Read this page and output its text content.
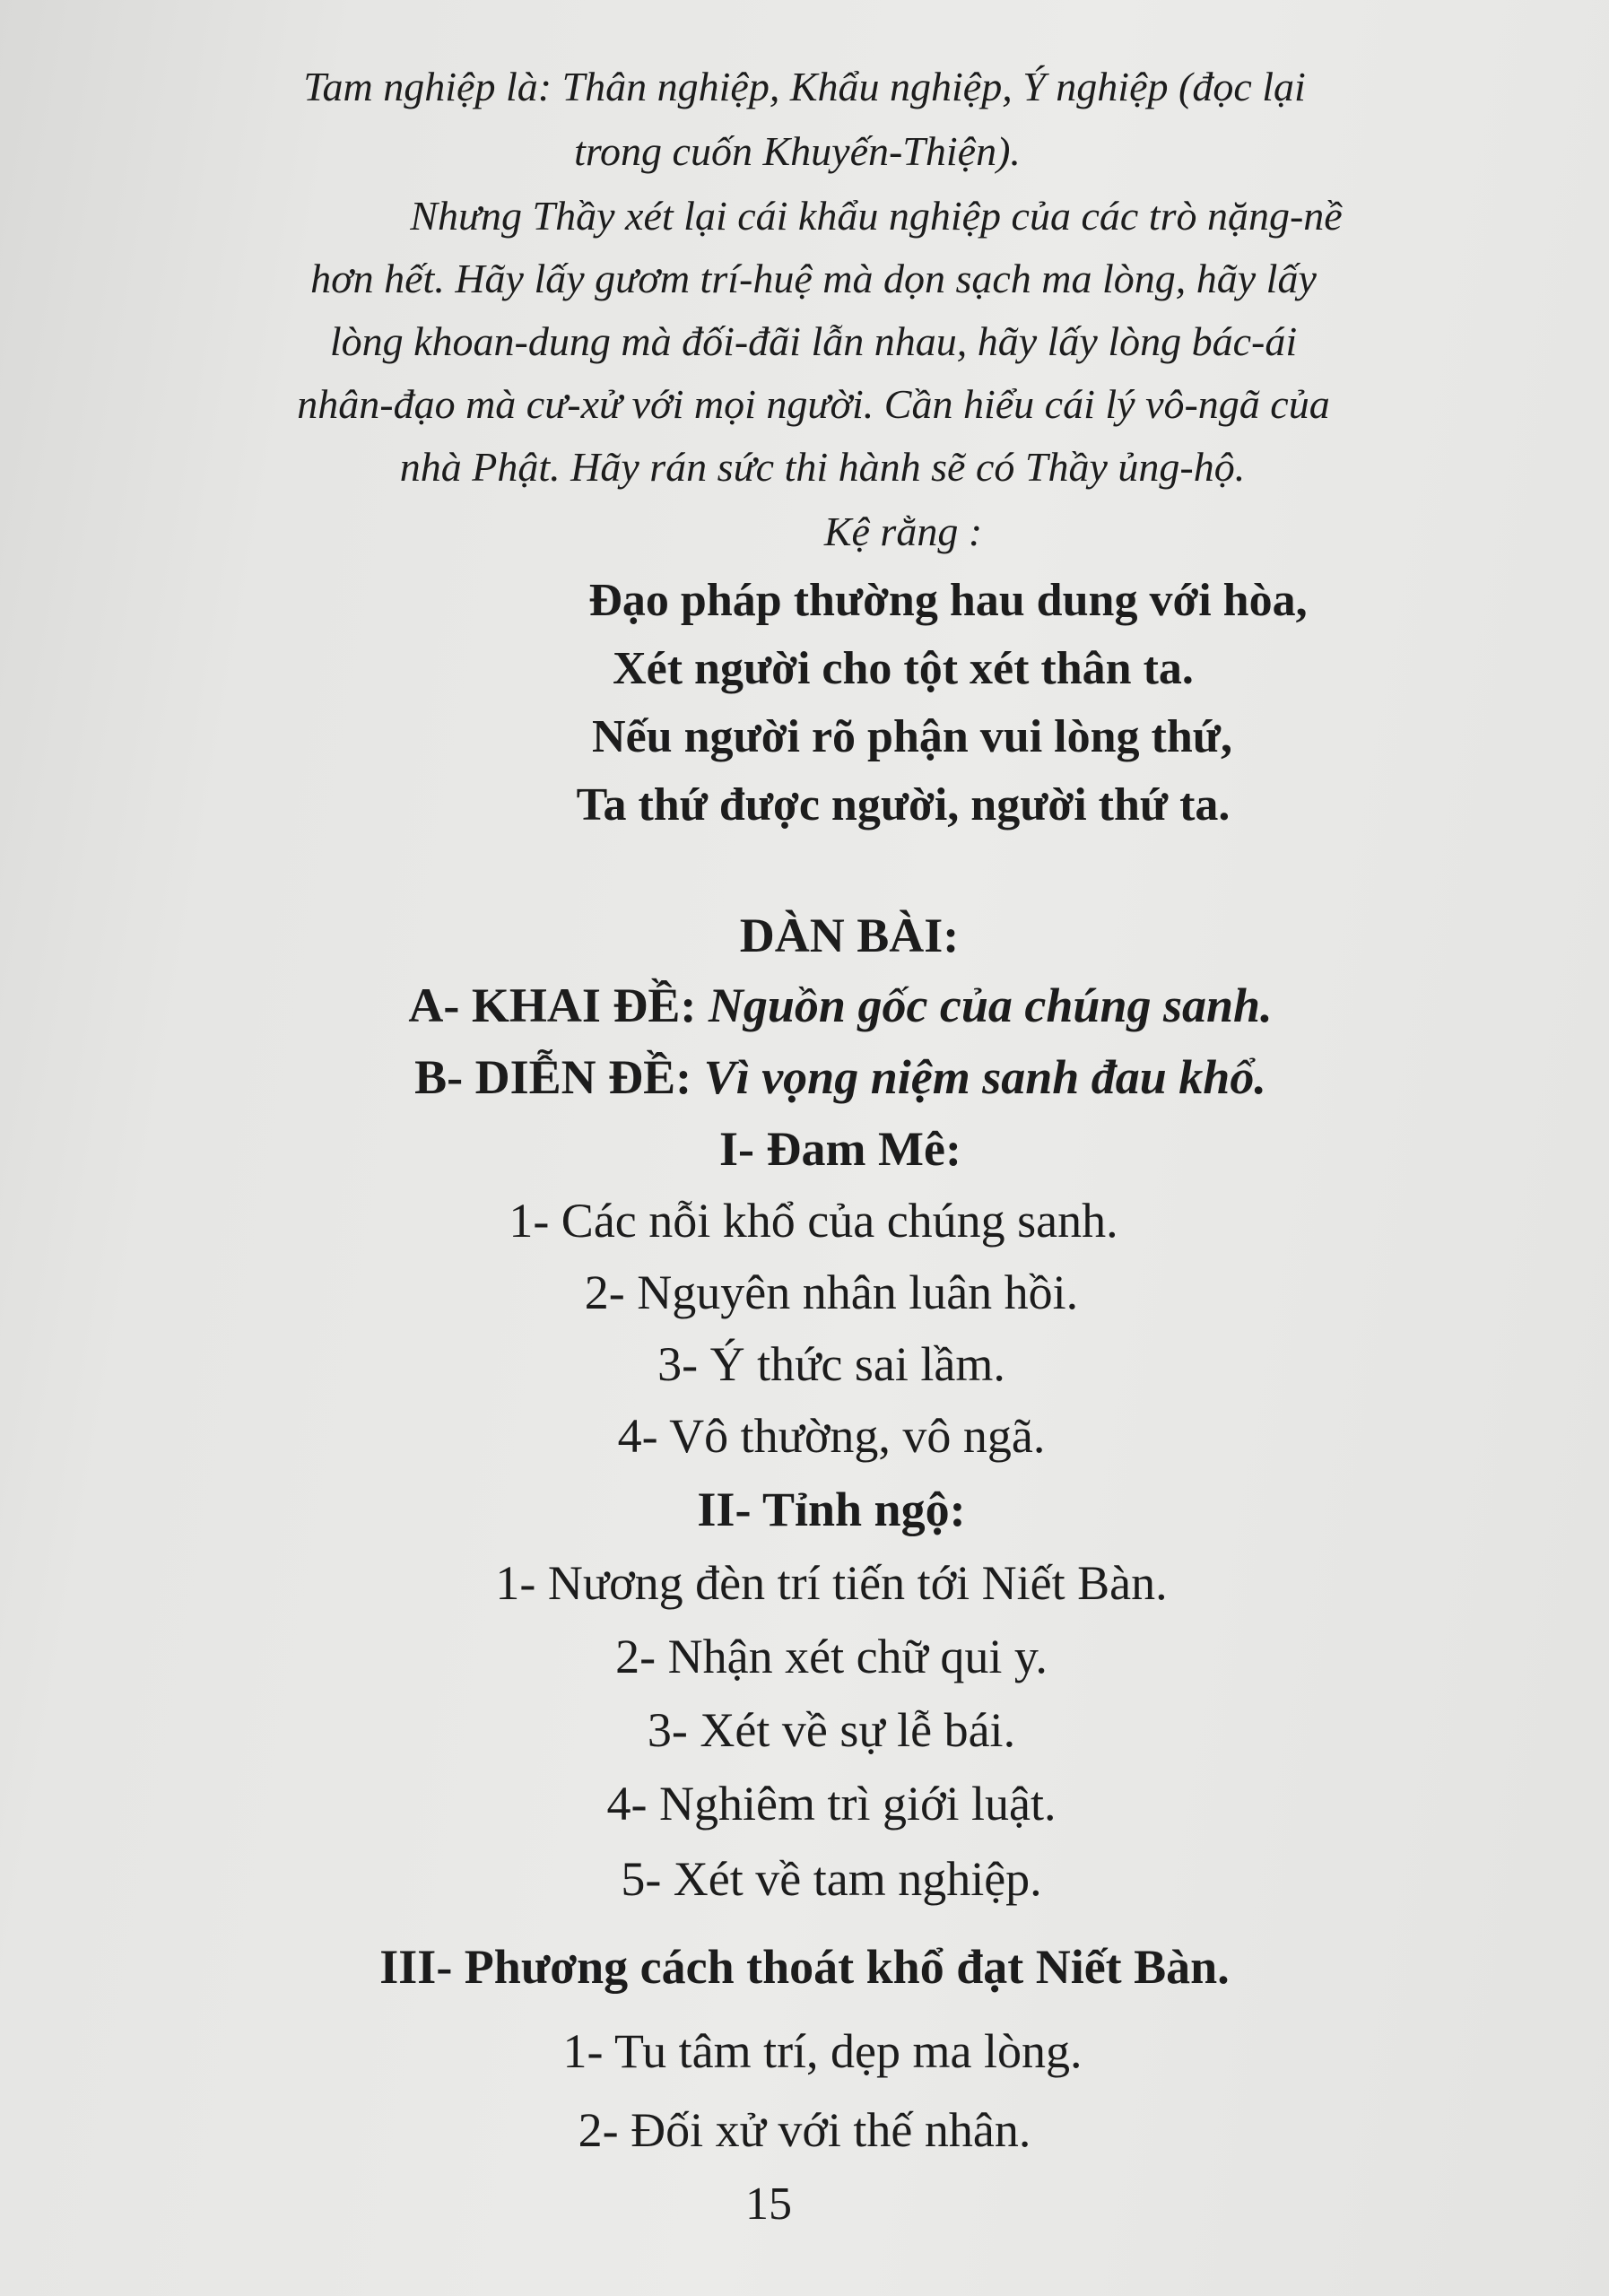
Tam nghiệp là: Thân nghiệp, Khẩu nghiệp, Ý nghiệp (đọc lại
trong cuốn Khuyến-Thiện).
Nhưng Thầy xét lại cái khẩu nghiệp của các trò nặng-nề
hơn hết. Hãy lấy gươm trí-huệ mà dọn sạch ma lòng, hãy lấy
lòng khoan-dung mà đối-đãi lẫn nhau, hãy lấy lòng bác-ái
nhân-đạo mà cư-xử với mọi người. Cần hiểu cái lý vô-ngã của
nhà Phật. Hãy rán sức thi hành sẽ có Thầy ủng-hộ.
Kệ rằng :
Đạo pháp thường hau dung với hòa,
Xét người cho tột xét thân ta.
Nếu người rõ phận vui lòng thứ,
Ta thứ được người, người thứ ta.
DÀN BÀI:
A- KHAI ĐỀ: Nguồn gốc của chúng sanh.
B- DIỄN ĐỀ: Vì vọng niệm sanh đau khổ.
I- Đam Mê:
1- Các nỗi khổ của chúng sanh.
2- Nguyên nhân luân hồi.
3- Ý thức sai lầm.
4- Vô thường, vô ngã.
II- Tỉnh ngộ:
1- Nương đèn trí tiến tới Niết Bàn.
2- Nhận xét chữ qui y.
3- Xét về sự lễ bái.
4- Nghiêm trì giới luật.
5- Xét về tam nghiệp.
III- Phương cách thoát khổ đạt Niết Bàn.
1- Tu tâm trí, dẹp ma lòng.
2- Đối xử với thế nhân.
15
